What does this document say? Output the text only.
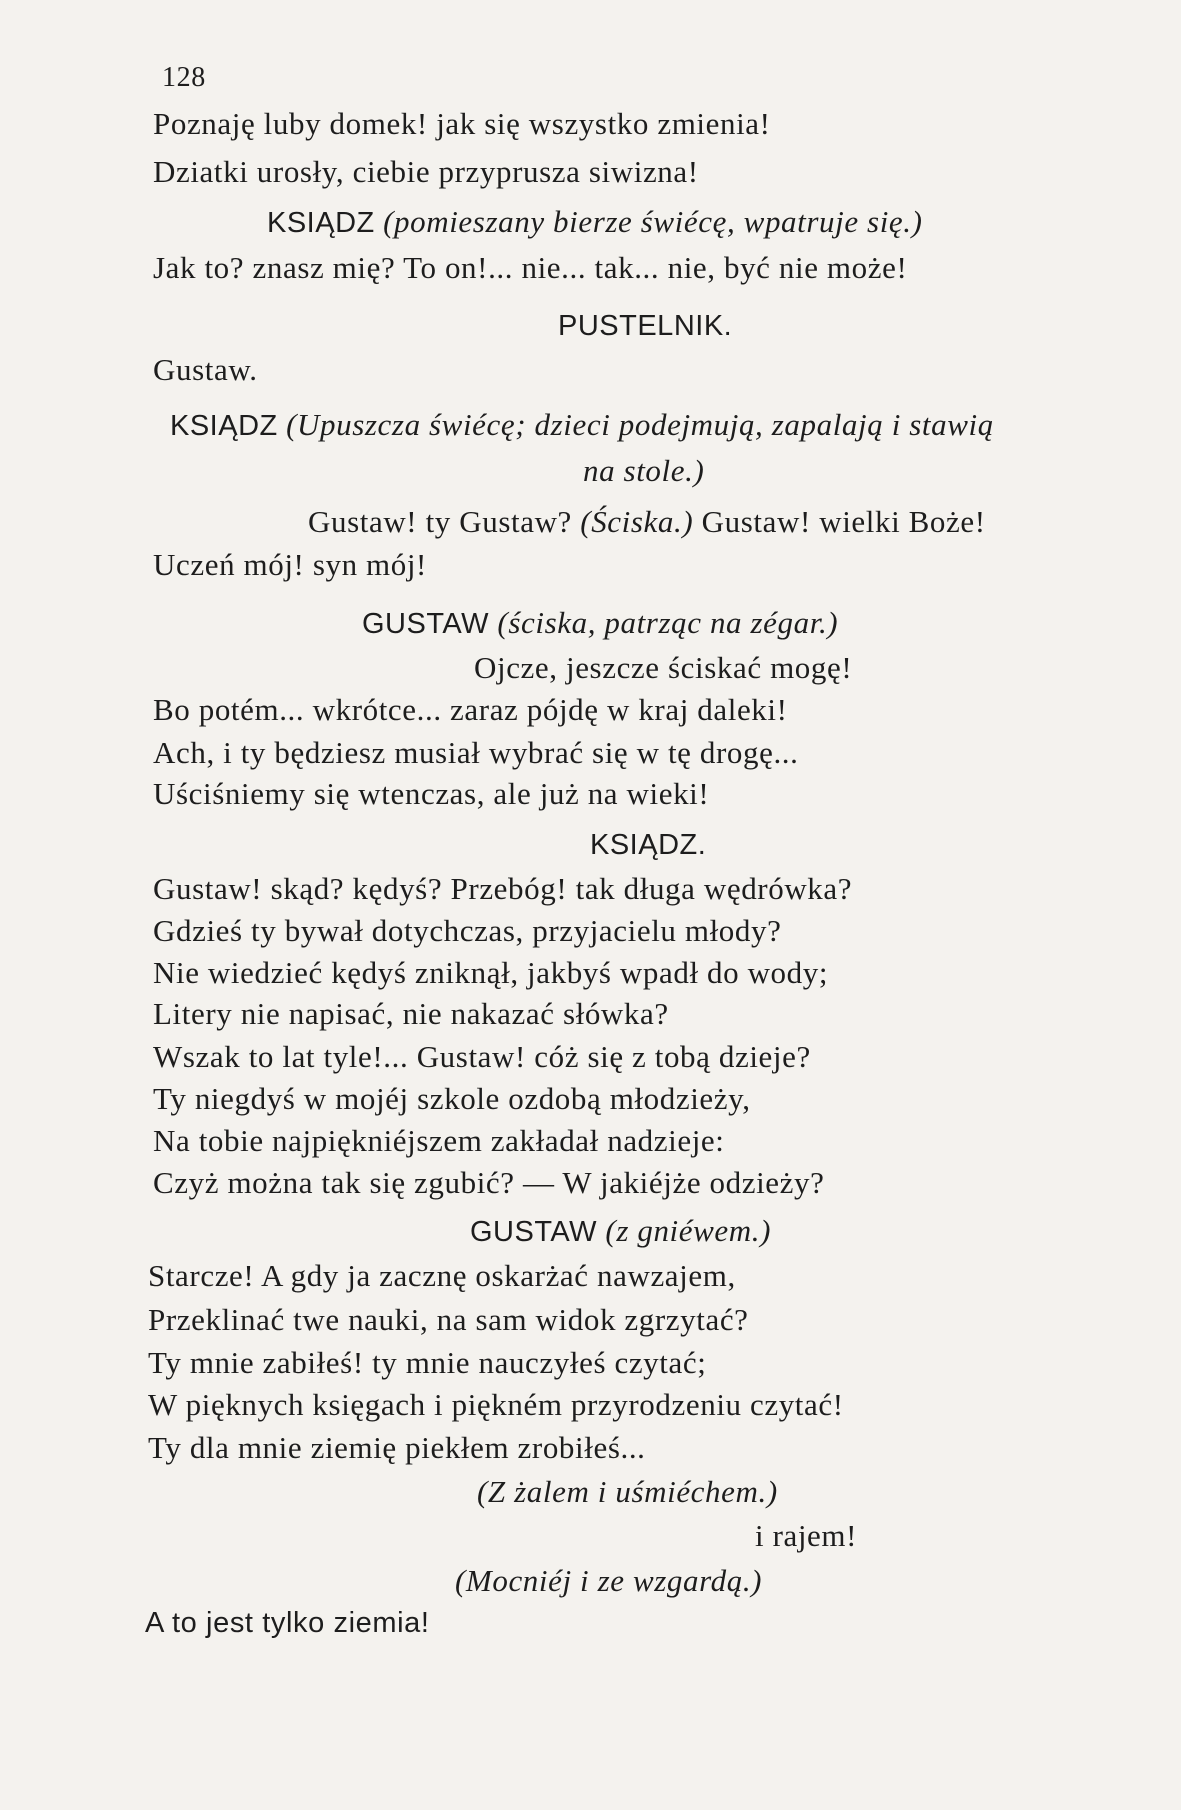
128
Poznaję luby domek! jak się wszystko zmienia!
Dziatki urosły, ciebie przyprusza siwizna!
KSIĄDZ (pomieszany bierze świécę, wpatruje się.)
Jak to? znasz mię? To on!... nie... tak... nie, być nie może!
PUSTELNIK.
Gustaw.
KSIĄDZ (Upuszcza świécę; dzieci podejmują, zapalają i stawią
na stole.)
Gustaw! ty Gustaw? (Ściska.) Gustaw! wielki Boże!
Uczeń mój! syn mój!
GUSTAW (ściska, patrząc na zégar.)
Ojcze, jeszcze ściskać mogę!
Bo potém... wkrótce... zaraz pójdę w kraj daleki!
Ach, i ty będziesz musiał wybrać się w tę drogę...
Uściśniemy się wtenczas, ale już na wieki!
KSIĄDZ.
Gustaw! skąd? kędyś? Przebóg! tak długa wędrówka?
Gdzieś ty bywał dotychczas, przyjacielu młody?
Nie wiedzieć kędyś zniknął, jakbyś wpadł do wody;
Litery nie napisać, nie nakazać słówka?
Wszak to lat tyle!... Gustaw! cóż się z tobą dzieje?
Ty niegdyś w mojéj szkole ozdobą młodzieży,
Na tobie najpiękniéjszem zakładał nadzieje:
Czyż można tak się zgubić? — W jakiéjże odzieży?
GUSTAW (z gniéwem.)
Starcze! A gdy ja zacznę oskarżać nawzajem,
Przeklinać twe nauki, na sam widok zgrzytać?
Ty mnie zabiłeś! ty mnie nauczyłeś czytać;
W pięknych księgach i piękném przyrodzeniu czytać!
Ty dla mnie ziemię piekłem zrobiłeś...
(Z żalem i uśmiéchem.)
i rajem!
(Mocniéj i ze wzgardą.)
A to jest tylko ziemia!
